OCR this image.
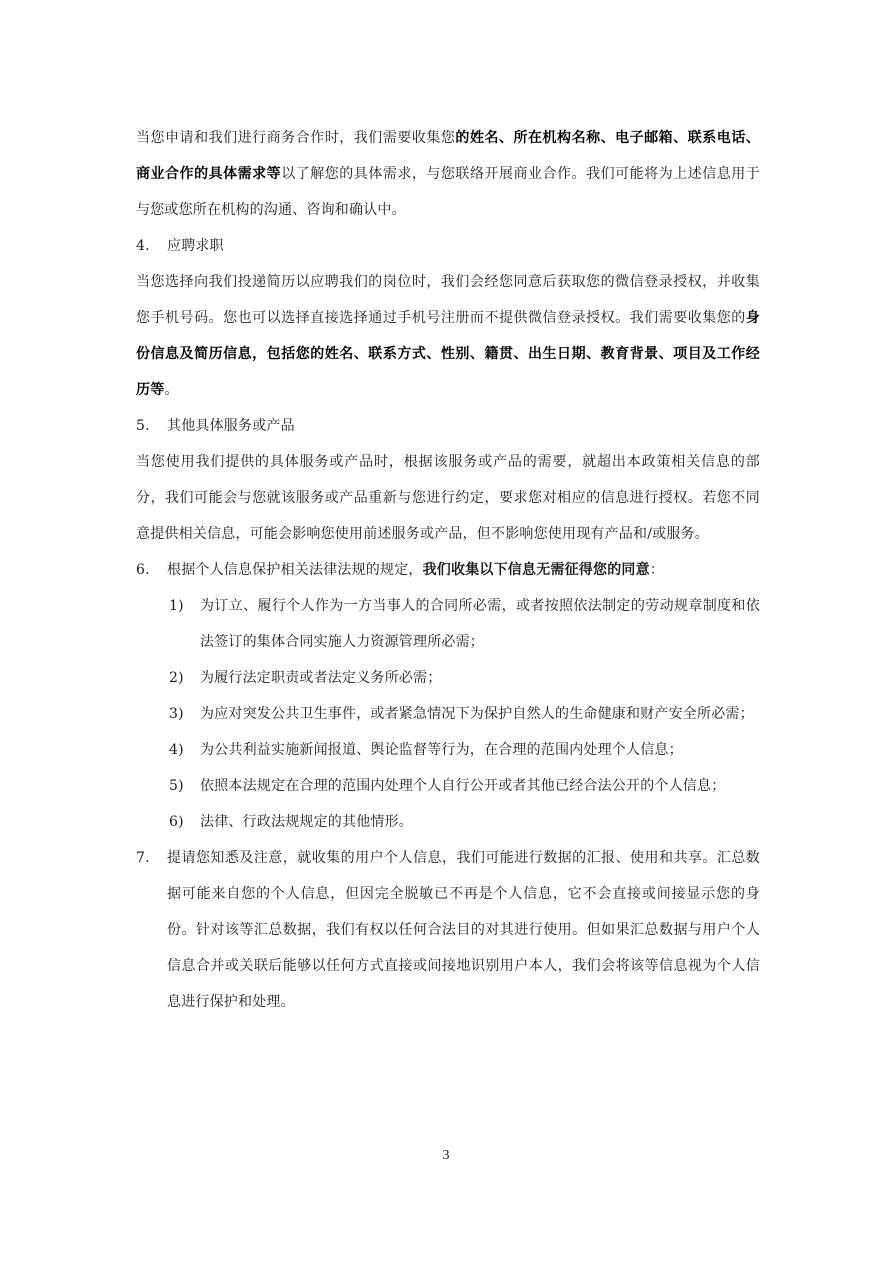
当您申请和我们进行商务合作时，我们需要收集您的姓名、所在机构名称、电子邮箱、联系电话、商业合作的具体需求等以了解您的具体需求，与您联络开展商业合作。我们可能将为上述信息用于与您或您所在机构的沟通、咨询和确认中。

4. 应聘求职

当您选择向我们投递简历以应聘我们的岗位时，我们会经您同意后获取您的微信登录授权，并收集您手机号码。您也可以选择直接选择通过手机号注册而不提供微信登录授权。我们需要收集您的身份信息及简历信息，包括您的姓名、联系方式、性别、籍贯、出生日期、教育背景、项目及工作经历等。

5. 其他具体服务或产品

当您使用我们提供的具体服务或产品时，根据该服务或产品的需要，就超出本政策相关信息的部分，我们可能会与您就该服务或产品重新与您进行约定，要求您对相应的信息进行授权。若您不同意提供相关信息，可能会影响您使用前述服务或产品，但不影响您使用现有产品和/或服务。

6. 根据个人信息保护相关法律法规的规定，我们收集以下信息无需征得您的同意：

1) 为订立、履行个人作为一方当事人的合同所必需，或者按照依法制定的劳动规章制度和依法签订的集体合同实施人力资源管理所必需；

2) 为履行法定职责或者法定义务所必需；

3) 为应对突发公共卫生事件，或者紧急情况下为保护自然人的生命健康和财产安全所必需；

4) 为公共利益实施新闻报道、舆论监督等行为，在合理的范围内处理个人信息；

5) 依照本法规定在合理的范围内处理个人自行公开或者其他已经合法公开的个人信息；

6) 法律、行政法规规定的其他情形。

7. 提请您知悉及注意，就收集的用户个人信息，我们可能进行数据的汇报、使用和共享。汇总数据可能来自您的个人信息，但因完全脱敏已不再是个人信息，它不会直接或间接显示您的身份。针对该等汇总数据，我们有权以任何合法目的对其进行使用。但如果汇总数据与用户个人信息合并或关联后能够以任何方式直接或间接地识别用户本人，我们会将该等信息视为个人信息进行保护和处理。

3
